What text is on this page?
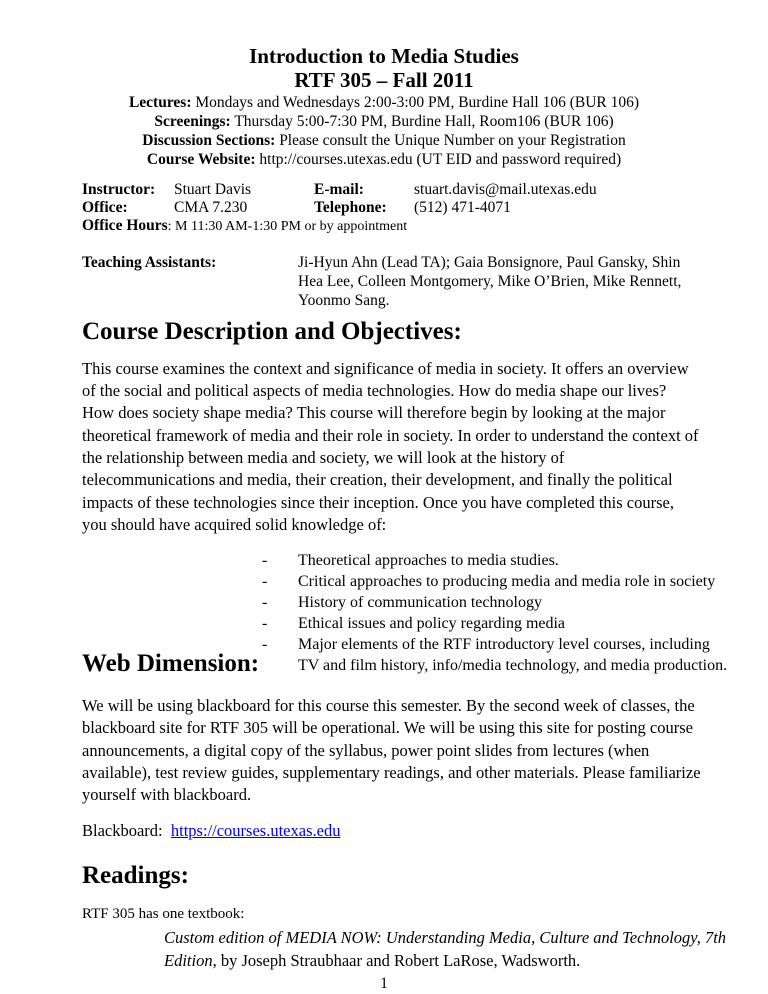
Introduction to Media Studies
RTF 305 – Fall 2011
Lectures: Mondays and Wednesdays 2:00-3:00 PM, Burdine Hall 106 (BUR 106)
Screenings: Thursday 5:00-7:30 PM, Burdine Hall, Room106 (BUR 106)
Discussion Sections: Please consult the Unique Number on your Registration
Course Website: http://courses.utexas.edu (UT EID and password required)
Instructor: Stuart Davis	E-mail:	stuart.davis@mail.utexas.edu
Office:	CMA 7.230	Telephone: (512) 471-4071
Office Hours: M 11:30 AM-1:30 PM or by appointment
Teaching Assistants:	Ji-Hyun Ahn (Lead TA); Gaia Bonsignore, Paul Gansky, Shin
Hea Lee, Colleen Montgomery, Mike O’Brien, Mike Rennett,
Yoonmo Sang.
Course Description and Objectives:
This course examines the context and significance of media in society. It offers an overview
of the social and political aspects of media technologies. How do media shape our lives?
How does society shape media? This course will therefore begin by looking at the major
theoretical framework of media and their role in society. In order to understand the context of
the relationship between media and society, we will look at the history of
telecommunications and media, their creation, their development, and finally the political
impacts of these technologies since their inception. Once you have completed this course,
you should have acquired solid knowledge of:
- Theoretical approaches to media studies.
- Critical approaches to producing media and media role in society
- History of communication technology
- Ethical issues and policy regarding media
- Major elements of the RTF introductory level courses, including
TV and film history, info/media technology, and media production.
Web Dimension:
We will be using blackboard for this course this semester. By the second week of classes, the
blackboard site for RTF 305 will be operational. We will be using this site for posting course
announcements, a digital copy of the syllabus, power point slides from lectures (when
available), test review guides, supplementary readings, and other materials. Please familiarize
yourself with blackboard.
Blackboard:  https://courses.utexas.edu
Readings:
RTF 305 has one textbook:
Custom edition of MEDIA NOW: Understanding Media, Culture and Technology, 7th
Edition, by Joseph Straubhaar and Robert LaRose, Wadsworth.
1
